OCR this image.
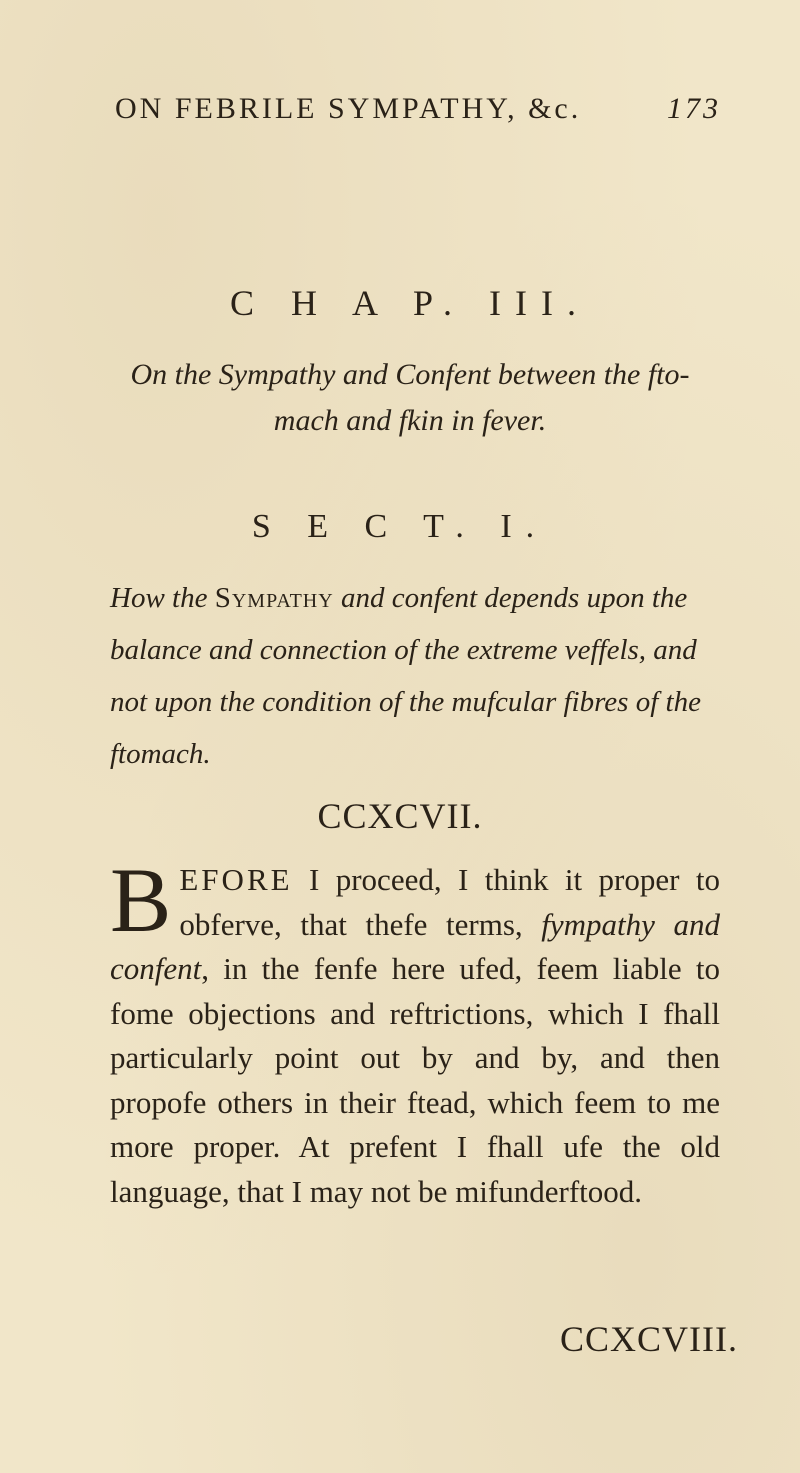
ON FEBRILE SYMPATHY, &c.	173
C H A P. III.
On the Sympathy and Confent between the fto-
mach and fkin in fever.
S E C T. I.
How the Sympathy and confent depends upon the balance and connection of the extreme veffels, and not upon the condition of the mufcular fibres of the ftomach.
CCXCVII.
BEFORE I proceed, I think it proper to obferve, that thefe terms, fympathy and confent, in the fenfe here ufed, feem liable to fome objections and reftrictions, which I fhall particularly point out by and by, and then propofe others in their ftead, which feem to me more proper. At prefent I fhall ufe the old language, that I may not be mifunderftood.
CCXCVIII.
